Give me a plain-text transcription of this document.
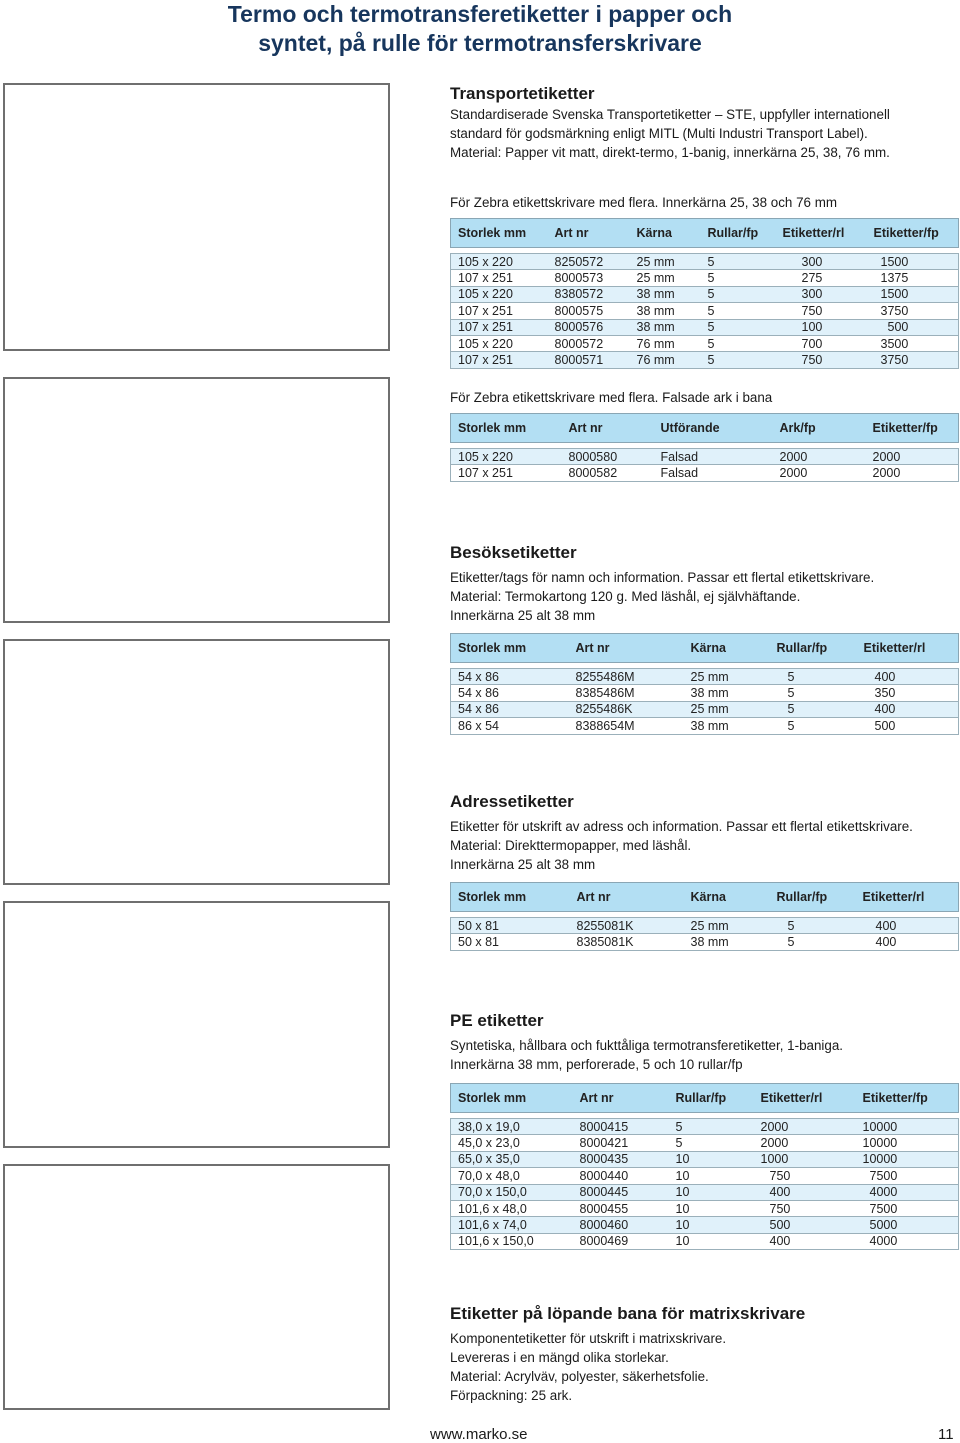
Termo och termotransferetiketter i papper och
syntet, på rulle för termotransferskrivare
Transportetiketter
Standardiserade Svenska Transportetiketter – STE, uppfyller internationell
standard för godsmärkning enligt MITL (Multi Industri Transport Label).
Material: Papper vit matt, direkt-termo, 1-banig, innerkärna 25, 38, 76 mm.
För Zebra etikettskrivare med flera. Innerkärna 25, 38 och 76 mm
Storlek mm	Art nr	Kärna	Rullar/fp	Etiketter/rl	Etiketter/fp

105 x 220	8250572	25 mm	5	300	1500
107 x 251	8000573	25 mm	5	275	1375
105 x 220	8380572	38 mm	5	300	1500
107 x 251	8000575	38 mm	5	750	3750
107 x 251	8000576	38 mm	5	100	500
105 x 220	8000572	76 mm	5	700	3500
107 x 251	8000571	76 mm	5	750	3750
För Zebra etikettskrivare med flera. Falsade ark i bana
Storlek mm	Art nr	Utförande	Ark/fp	Etiketter/fp

105 x 220	8000580	Falsad	2000	2000
107 x 251	8000582	Falsad	2000	2000
Besöksetiketter
Etiketter/tags för namn och information. Passar ett flertal etikettskrivare.
Material: Termokartong 120 g. Med läshål, ej självhäftande.
Innerkärna 25 alt 38 mm
Storlek mm	Art nr	Kärna	Rullar/fp	Etiketter/rl

54 x 86	8255486M	25 mm	5	400
54 x 86	8385486M	38 mm	5	350
54 x 86	8255486K	25 mm	5	400
86 x 54	8388654M	38 mm	5	500
Adressetiketter
Etiketter för utskrift av adress och information. Passar ett flertal etikettskrivare.
Material: Direkttermopapper, med läshål.
Innerkärna 25 alt 38 mm
Storlek mm	Art nr	Kärna	Rullar/fp	Etiketter/rl

50 x 81	8255081K	25 mm	5	400
50 x 81	8385081K	38 mm	5	400
PE etiketter
Syntetiska, hållbara och fukttåliga termotransferetiketter, 1-baniga.
Innerkärna 38 mm, perforerade, 5 och 10 rullar/fp
Storlek mm	Art nr	Rullar/fp	Etiketter/rl	Etiketter/fp

38,0 x 19,0	8000415	5	2000	10000
45,0 x 23,0	8000421	5	2000	10000
65,0 x 35,0	8000435	10	1000	10000
70,0 x 48,0	8000440	10	750	7500
70,0 x 150,0	8000445	10	400	4000
101,6 x 48,0	8000455	10	750	7500
101,6 x 74,0	8000460	10	500	5000
101,6 x 150,0	8000469	10	400	4000
Etiketter på löpande bana för matrixskrivare
Komponentetiketter för utskrift i matrixskrivare.
Levereras i en mängd olika storlekar.
Material: Acrylväv, polyester, säkerhetsfolie.
Förpackning: 25 ark.
www.marko.se	11
